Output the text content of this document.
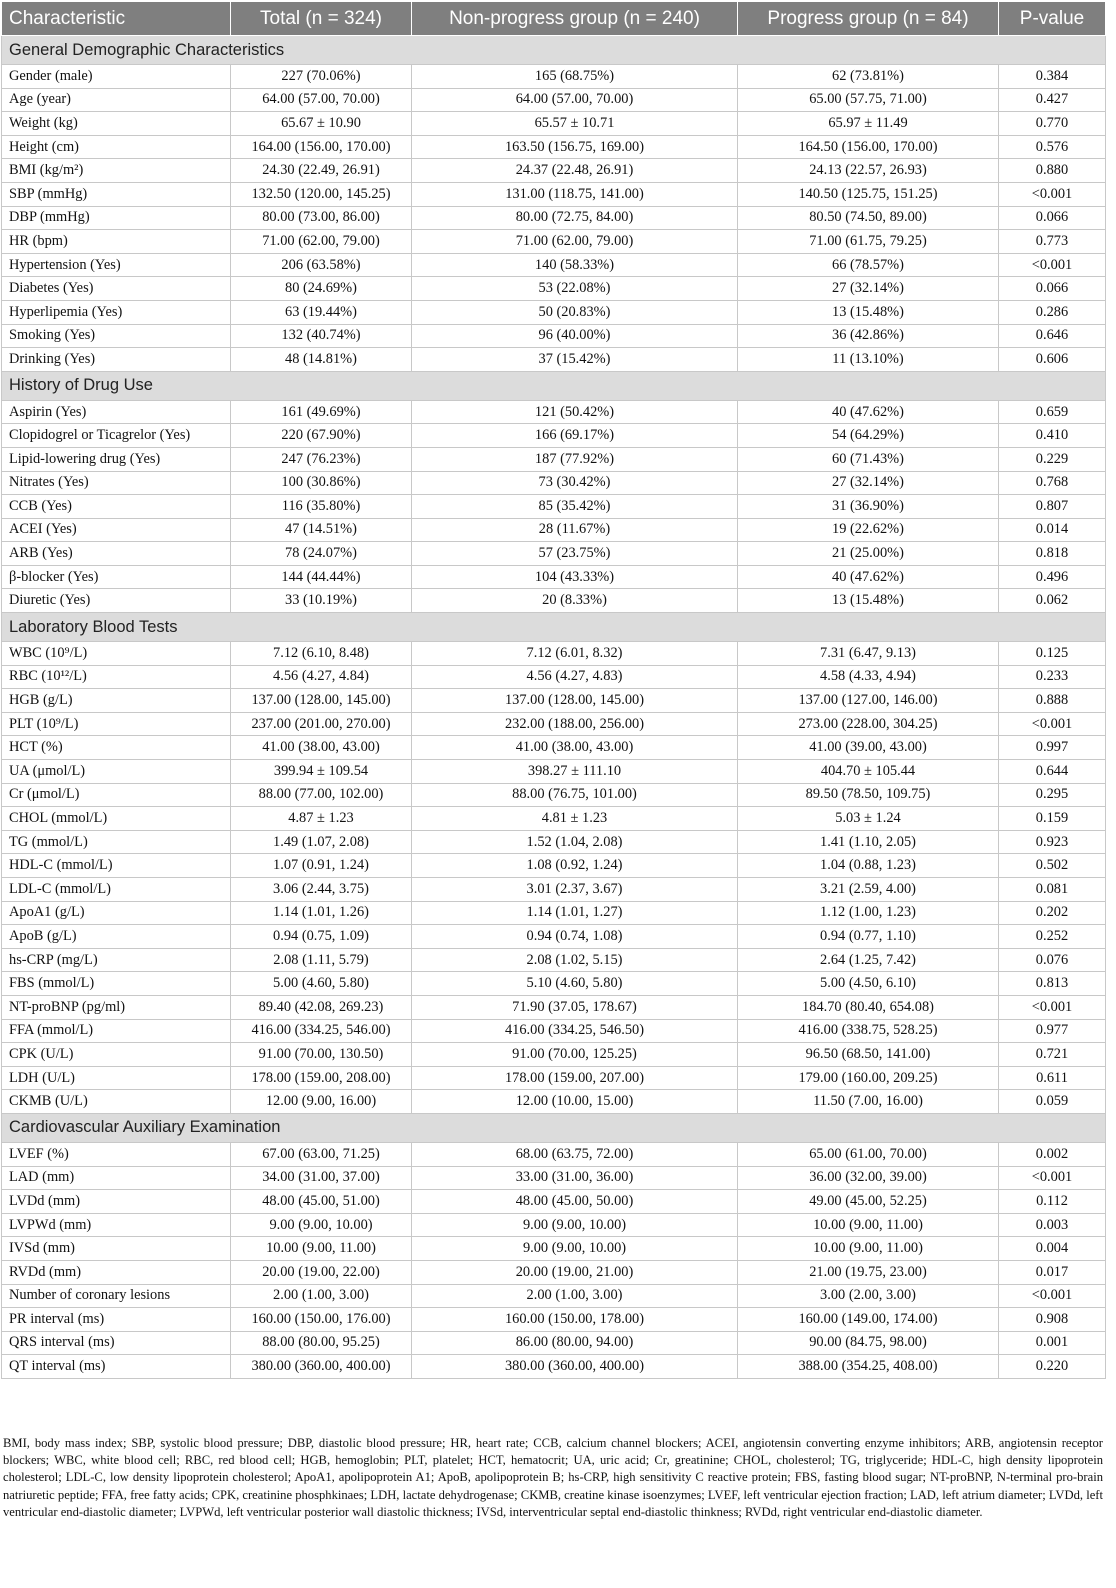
Characteristic	Total (n = 324)	Non-progress group (n = 240)	Progress group (n = 84)	P-value
General Demographic Characteristics				
Gender (male)	227 (70.06%)	165 (68.75%)	62 (73.81%)	0.384
Age (year)	64.00 (57.00, 70.00)	64.00 (57.00, 70.00)	65.00 (57.75, 71.00)	0.427
Weight (kg)	65.67 ± 10.90	65.57 ± 10.71	65.97 ± 11.49	0.770
Height (cm)	164.00 (156.00, 170.00)	163.50 (156.75, 169.00)	164.50 (156.00, 170.00)	0.576
BMI (kg/m²)	24.30 (22.49, 26.91)	24.37 (22.48, 26.91)	24.13 (22.57, 26.93)	0.880
SBP (mmHg)	132.50 (120.00, 145.25)	131.00 (118.75, 141.00)	140.50 (125.75, 151.25)	<0.001
DBP (mmHg)	80.00 (73.00, 86.00)	80.00 (72.75, 84.00)	80.50 (74.50, 89.00)	0.066
HR (bpm)	71.00 (62.00, 79.00)	71.00 (62.00, 79.00)	71.00 (61.75, 79.25)	0.773
Hypertension (Yes)	206 (63.58%)	140 (58.33%)	66 (78.57%)	<0.001
Diabetes (Yes)	80 (24.69%)	53 (22.08%)	27 (32.14%)	0.066
Hyperlipemia (Yes)	63 (19.44%)	50 (20.83%)	13 (15.48%)	0.286
Smoking (Yes)	132 (40.74%)	96 (40.00%)	36 (42.86%)	0.646
Drinking (Yes)	48 (14.81%)	37 (15.42%)	11 (13.10%)	0.606
History of Drug Use				
Aspirin (Yes)	161 (49.69%)	121 (50.42%)	40 (47.62%)	0.659
Clopidogrel or Ticagrelor (Yes)	220 (67.90%)	166 (69.17%)	54 (64.29%)	0.410
Lipid-lowering drug (Yes)	247 (76.23%)	187 (77.92%)	60 (71.43%)	0.229
Nitrates (Yes)	100 (30.86%)	73 (30.42%)	27 (32.14%)	0.768
CCB (Yes)	116 (35.80%)	85 (35.42%)	31 (36.90%)	0.807
ACEI (Yes)	47 (14.51%)	28 (11.67%)	19 (22.62%)	0.014
ARB (Yes)	78 (24.07%)	57 (23.75%)	21 (25.00%)	0.818
β-blocker (Yes)	144 (44.44%)	104 (43.33%)	40 (47.62%)	0.496
Diuretic (Yes)	33 (10.19%)	20 (8.33%)	13 (15.48%)	0.062
Laboratory Blood Tests				
WBC (10⁹/L)	7.12 (6.10, 8.48)	7.12 (6.01, 8.32)	7.31 (6.47, 9.13)	0.125
RBC (10¹²/L)	4.56 (4.27, 4.84)	4.56 (4.27, 4.83)	4.58 (4.33, 4.94)	0.233
HGB (g/L)	137.00 (128.00, 145.00)	137.00 (128.00, 145.00)	137.00 (127.00, 146.00)	0.888
PLT (10⁹/L)	237.00 (201.00, 270.00)	232.00 (188.00, 256.00)	273.00 (228.00, 304.25)	<0.001
HCT (%)	41.00 (38.00, 43.00)	41.00 (38.00, 43.00)	41.00 (39.00, 43.00)	0.997
UA (μmol/L)	399.94 ± 109.54	398.27 ± 111.10	404.70 ± 105.44	0.644
Cr (μmol/L)	88.00 (77.00, 102.00)	88.00 (76.75, 101.00)	89.50 (78.50, 109.75)	0.295
CHOL (mmol/L)	4.87 ± 1.23	4.81 ± 1.23	5.03 ± 1.24	0.159
TG (mmol/L)	1.49 (1.07, 2.08)	1.52 (1.04, 2.08)	1.41 (1.10, 2.05)	0.923
HDL-C (mmol/L)	1.07 (0.91, 1.24)	1.08 (0.92, 1.24)	1.04 (0.88, 1.23)	0.502
LDL-C (mmol/L)	3.06 (2.44, 3.75)	3.01 (2.37, 3.67)	3.21 (2.59, 4.00)	0.081
ApoA1 (g/L)	1.14 (1.01, 1.26)	1.14 (1.01, 1.27)	1.12 (1.00, 1.23)	0.202
ApoB (g/L)	0.94 (0.75, 1.09)	0.94 (0.74, 1.08)	0.94 (0.77, 1.10)	0.252
hs-CRP (mg/L)	2.08 (1.11, 5.79)	2.08 (1.02, 5.15)	2.64 (1.25, 7.42)	0.076
FBS (mmol/L)	5.00 (4.60, 5.80)	5.10 (4.60, 5.80)	5.00 (4.50, 6.10)	0.813
NT-proBNP (pg/ml)	89.40 (42.08, 269.23)	71.90 (37.05, 178.67)	184.70 (80.40, 654.08)	<0.001
FFA (mmol/L)	416.00 (334.25, 546.00)	416.00 (334.25, 546.50)	416.00 (338.75, 528.25)	0.977
CPK (U/L)	91.00 (70.00, 130.50)	91.00 (70.00, 125.25)	96.50 (68.50, 141.00)	0.721
LDH (U/L)	178.00 (159.00, 208.00)	178.00 (159.00, 207.00)	179.00 (160.00, 209.25)	0.611
CKMB (U/L)	12.00 (9.00, 16.00)	12.00 (10.00, 15.00)	11.50 (7.00, 16.00)	0.059
Cardiovascular Auxiliary Examination				
LVEF (%)	67.00 (63.00, 71.25)	68.00 (63.75, 72.00)	65.00 (61.00, 70.00)	0.002
LAD (mm)	34.00 (31.00, 37.00)	33.00 (31.00, 36.00)	36.00 (32.00, 39.00)	<0.001
LVDd (mm)	48.00 (45.00, 51.00)	48.00 (45.00, 50.00)	49.00 (45.00, 52.25)	0.112
LVPWd (mm)	9.00 (9.00, 10.00)	9.00 (9.00, 10.00)	10.00 (9.00, 11.00)	0.003
IVSd (mm)	10.00 (9.00, 11.00)	9.00 (9.00, 10.00)	10.00 (9.00, 11.00)	0.004
RVDd (mm)	20.00 (19.00, 22.00)	20.00 (19.00, 21.00)	21.00 (19.75, 23.00)	0.017
Number of coronary lesions	2.00 (1.00, 3.00)	2.00 (1.00, 3.00)	3.00 (2.00, 3.00)	<0.001
PR interval (ms)	160.00 (150.00, 176.00)	160.00 (150.00, 178.00)	160.00 (149.00, 174.00)	0.908
QRS interval (ms)	88.00 (80.00, 95.25)	86.00 (80.00, 94.00)	90.00 (84.75, 98.00)	0.001
QT interval (ms)	380.00 (360.00, 400.00)	380.00 (360.00, 400.00)	388.00 (354.25, 408.00)	0.220
BMI, body mass index; SBP, systolic blood pressure; DBP, diastolic blood pressure; HR, heart rate; CCB, calcium channel blockers; ACEI, angiotensin converting enzyme inhibitors; ARB, angiotensin receptor blockers; WBC, white blood cell; RBC, red blood cell; HGB, hemoglobin; PLT, platelet; HCT, hematocrit; UA, uric acid; Cr, greatinine; CHOL, cholesterol; TG, triglyceride; HDL-C, high density lipoprotein cholesterol; LDL-C, low density lipoprotein cholesterol; ApoA1, apolipoprotein A1; ApoB, apolipoprotein B; hs-CRP, high sensitivity C reactive protein; FBS, fasting blood sugar; NT-proBNP, N-terminal pro-brain natriuretic peptide; FFA, free fatty acids; CPK, creatinine phosphkinaes; LDH, lactate dehydrogenase; CKMB, creatine kinase isoenzymes; LVEF, left ventricular ejection fraction; LAD, left atrium diameter; LVDd, left ventricular end-diastolic diameter; LVPWd, left ventricular posterior wall diastolic thickness; IVSd, interventricular septal end-diastolic thinkness; RVDd, right ventricular end-diastolic diameter.
